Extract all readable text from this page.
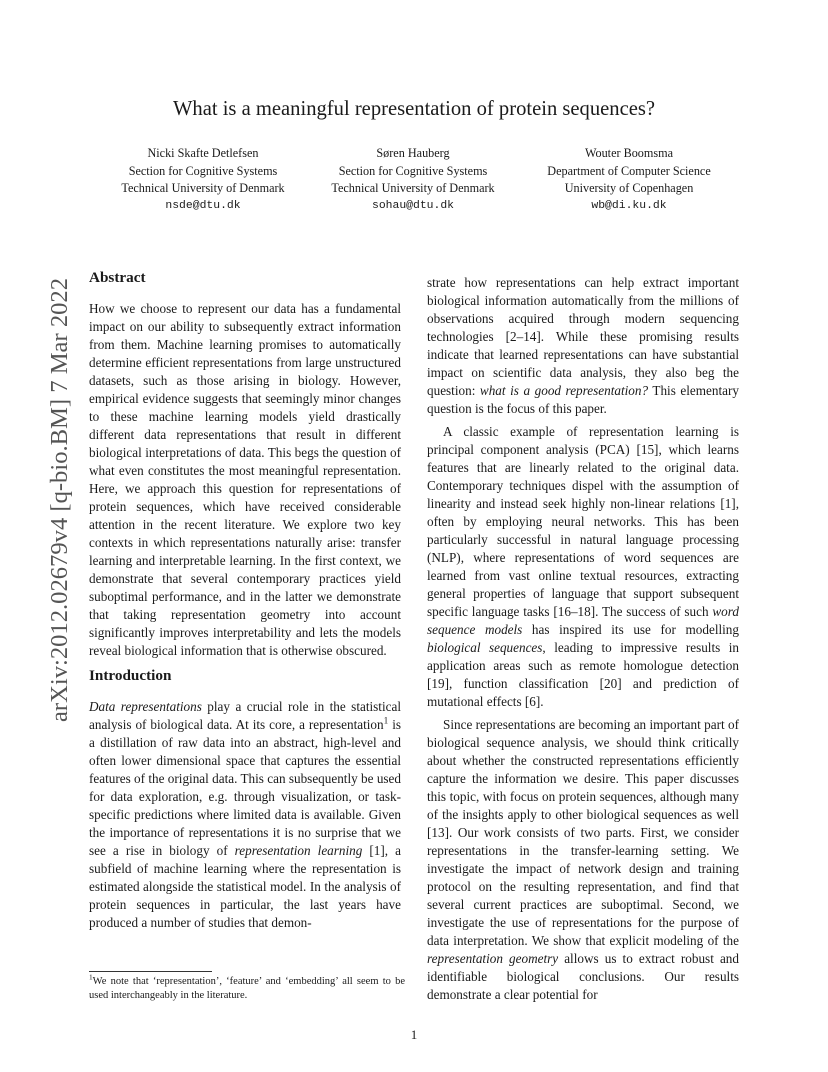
arXiv:2012.02679v4 [q-bio.BM] 7 Mar 2022
What is a meaningful representation of protein sequences?
Nicki Skafte Detlefsen
Section for Cognitive Systems
Technical University of Denmark
nsde@dtu.dk
Søren Hauberg
Section for Cognitive Systems
Technical University of Denmark
sohau@dtu.dk
Wouter Boomsma
Department of Computer Science
University of Copenhagen
wb@di.ku.dk
Abstract

How we choose to represent our data has a fundamental impact on our ability to subsequently extract information from them. Machine learning promises to automatically determine efficient representations from large unstructured datasets, such as those arising in biology. However, empirical evidence suggests that seemingly minor changes to these machine learning models yield drastically different data representations that result in different biological interpretations of data. This begs the question of what even constitutes the most meaningful representation. Here, we approach this question for representations of protein sequences, which have received considerable attention in the recent literature. We explore two key contexts in which representations naturally arise: transfer learning and interpretable learning. In the first context, we demonstrate that several contemporary practices yield suboptimal performance, and in the latter we demonstrate that taking representation geometry into account significantly improves interpretability and lets the models reveal biological information that is otherwise obscured.

Introduction

Data representations play a crucial role in the statistical analysis of biological data. At its core, a representation$^1$ is a distillation of raw data into an abstract, high-level and often lower dimensional space that captures the essential features of the original data. This can subsequently be used for data exploration, e.g. through visualization, or task-specific predictions where limited data is available. Given the importance of representations it is no surprise that we see a rise in biology of representation learning [1], a subfield of machine learning where the representation is estimated alongside the statistical model. In the analysis of protein sequences in particular, the last years have produced a number of studies that demon-

strate how representations can help extract important biological information automatically from the millions of observations acquired through modern sequencing technologies [2–14]. While these promising results indicate that learned representations can have substantial impact on scientific data analysis, they also beg the question: what is a good representation? This elementary question is the focus of this paper.

A classic example of representation learning is principal component analysis (PCA) [15], which learns features that are linearly related to the original data. Contemporary techniques dispel with the assumption of linearity and instead seek highly non-linear relations [1], often by employing neural networks. This has been particularly successful in natural language processing (NLP), where representations of word sequences are learned from vast online textual resources, extracting general properties of language that support subsequent specific language tasks [16–18]. The success of such word sequence models has inspired its use for modelling biological sequences, leading to impressive results in application areas such as remote homologue detection [19], function classification [20] and prediction of mutational effects [6].

Since representations are becoming an important part of biological sequence analysis, we should think critically about whether the constructed representations efficiently capture the information we desire. This paper discusses this topic, with focus on protein sequences, although many of the insights apply to other biological sequences as well [13]. Our work consists of two parts. First, we consider representations in the transfer-learning setting. We investigate the impact of network design and training protocol on the resulting representation, and find that several current practices are suboptimal. Second, we investigate the use of representations for the purpose of data interpretation. We show that explicit modeling of the representation geometry allows us to extract robust and identifiable biological conclusions. Our results demonstrate a clear potential for

$^1$We note that ‘representation’, ‘feature’ and ‘embedding’ all seem to be used interchangeably in the literature.
1
